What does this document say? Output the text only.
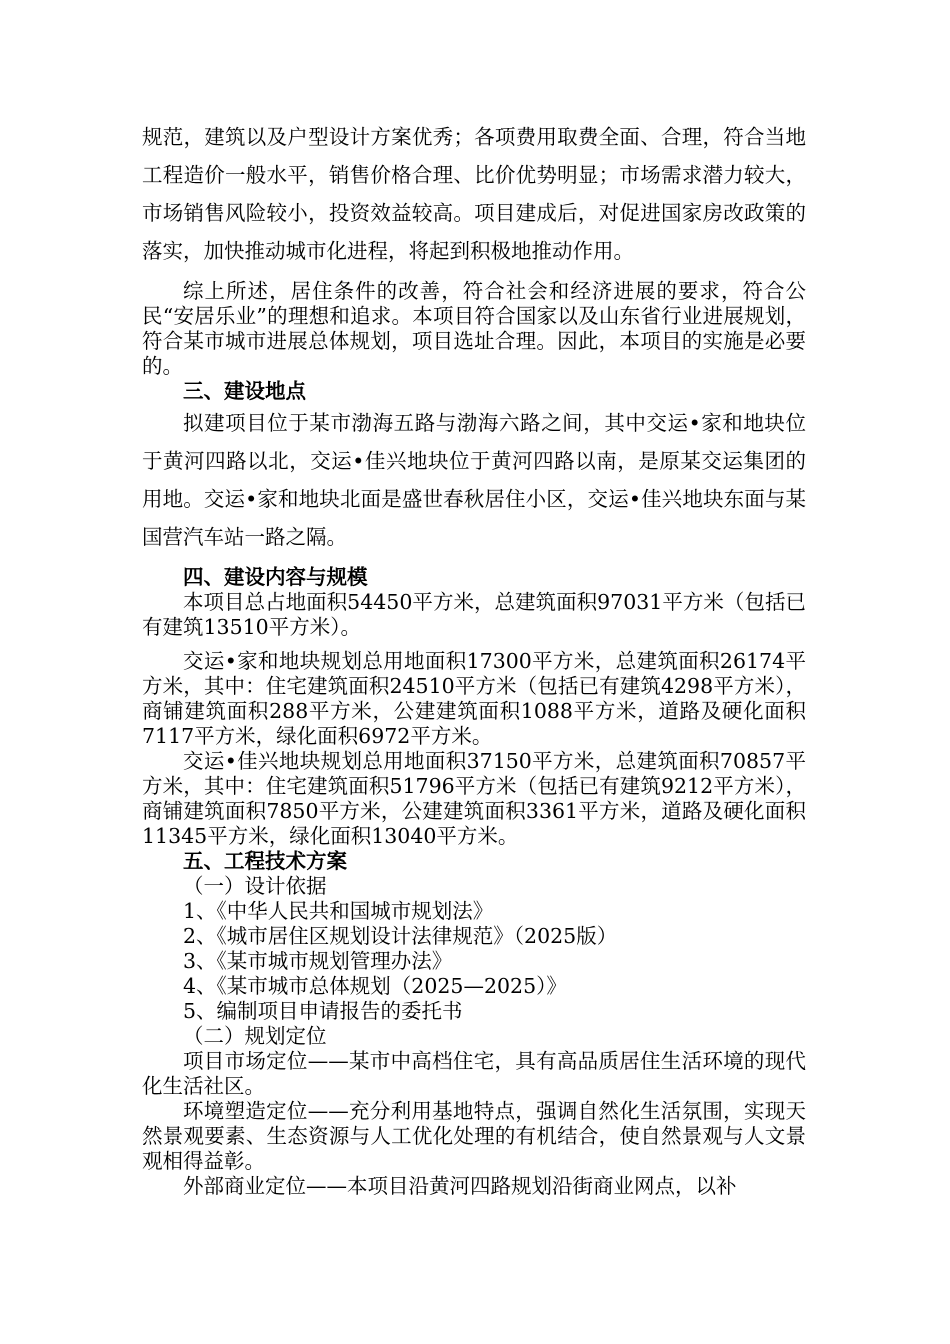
规范，建筑以及户型设计方案优秀；各项费用取费全面、合理，符合当地工程造价一般水平，销售价格合理、比价优势明显；市场需求潜力较大，市场销售风险较小，投资效益较高。项目建成后，对促进国家房改政策的落实，加快推动城市化进程，将起到积极地推动作用。

综上所述，居住条件的改善，符合社会和经济进展的要求，符合公民“安居乐业”的理想和追求。本项目符合国家以及山东省行业进展规划，符合某市城市进展总体规划，项目选址合理。因此，本项目的实施是必要的。

三、建设地点

拟建项目位于某市渤海五路与渤海六路之间，其中交运•家和地块位于黄河四路以北，交运•佳兴地块位于黄河四路以南，是原某交运集团的用地。交运•家和地块北面是盛世春秋居住小区，交运•佳兴地块东面与某国营汽车站一路之隔。

四、建设内容与规模

本项目总占地面积54450平方米，总建筑面积97031平方米（包括已有建筑13510平方米）。

交运•家和地块规划总用地面积17300平方米，总建筑面积26174平方米，其中：住宅建筑面积24510平方米（包括已有建筑4298平方米），商铺建筑面积288平方米，公建建筑面积1088平方米，道路及硬化面积7117平方米，绿化面积6972平方米。

交运•佳兴地块规划总用地面积37150平方米，总建筑面积70857平方米，其中：住宅建筑面积51796平方米（包括已有建筑9212平方米），商铺建筑面积7850平方米，公建建筑面积3361平方米，道路及硬化面积11345平方米，绿化面积13040平方米。

五、工程技术方案

（一）设计依据

1、《中华人民共和国城市规划法》

2、《城市居住区规划设计法律规范》（2025版）

3、《某市城市规划管理办法》

4、《某市城市总体规划（2025—2025）》

5、编制项目申请报告的委托书

（二）规划定位

项目市场定位——某市中高档住宅，具有高品质居住生活环境的现代化生活社区。

环境塑造定位——充分利用基地特点，强调自然化生活氛围，实现天然景观要素、生态资源与人工优化处理的有机结合，使自然景观与人文景观相得益彰。

外部商业定位——本项目沿黄河四路规划沿街商业网点，以补
